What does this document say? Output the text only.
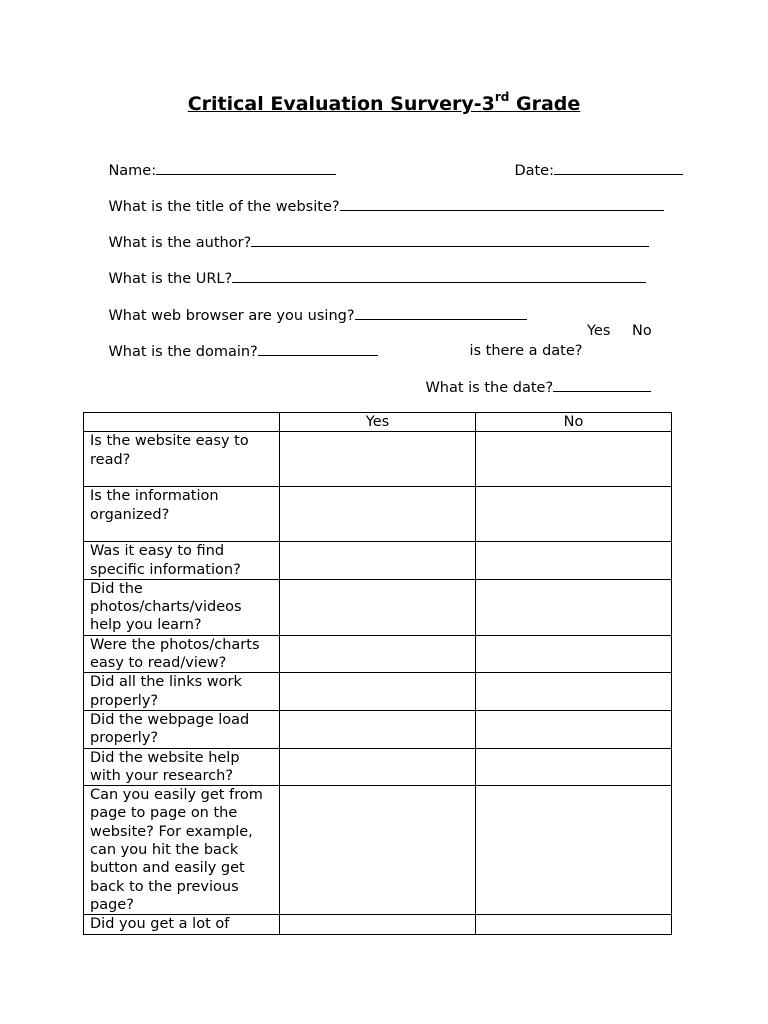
Critical Evaluation Survery-3rd Grade

Name:
	Date:

What is the title of the website?

What is the author?

What is the URL?

What web browser are you using?

What is the domain?
	is there a date?

Yes No

What is the date?

	Yes	No
Is the website easy to read?		
Is the information organized?		
Was it easy to find specific information?		
Did the photos/charts/videos help you learn?		
Were the photos/charts easy to read/view?		
Did all the links work properly?		
Did the webpage load properly?		
Did the website help with your research?		
Can you easily get from page to page on the website? For example, can you hit the back button and easily get back to the previous page?		
Did you get a lot of		
